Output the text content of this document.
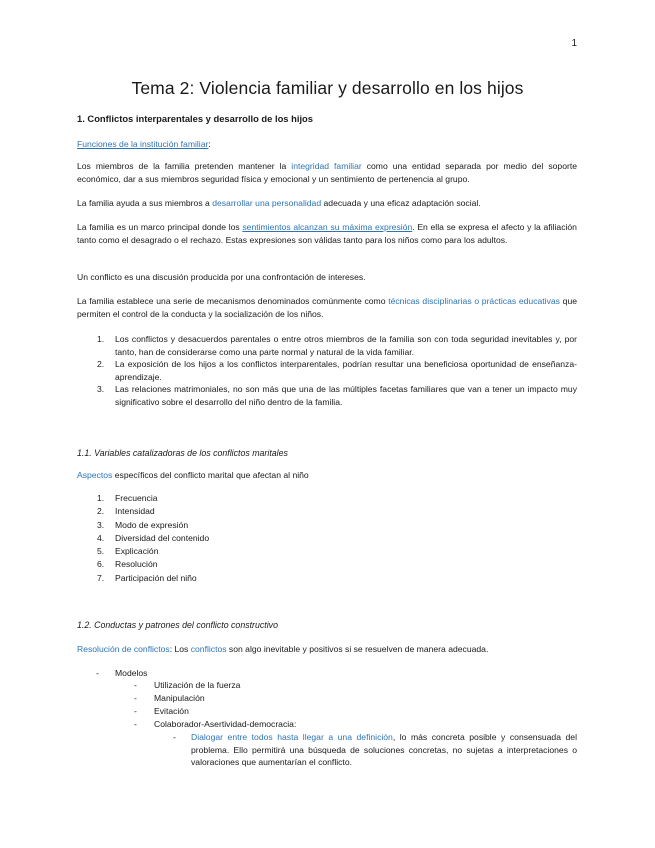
1
Tema 2: Violencia familiar y desarrollo en los hijos
1. Conflictos interparentales y desarrollo de los hijos
Funciones de la institución familiar:
Los miembros de la familia pretenden mantener la integridad familiar como una entidad separada por medio del soporte económico, dar a sus miembros seguridad física y emocional y un sentimiento de pertenencia al grupo.
La familia ayuda a sus miembros a desarrollar una personalidad adecuada y una eficaz adaptación social.
La familia es un marco principal donde los sentimientos alcanzan su máxima expresión. En ella se expresa el afecto y la afiliación tanto como el desagrado o el rechazo. Estas expresiones son válidas tanto para los niños como para los adultos.
Un conflicto es una discusión producida por una confrontación de intereses.
La familia establece una serie de mecanismos denominados comúnmente como técnicas disciplinarias o prácticas educativas que permiten el control de la conducta y la socialización de los niños.
1. Los conflictos y desacuerdos parentales o entre otros miembros de la familia son con toda seguridad inevitables y, por tanto, han de considerarse como una parte normal y natural de la vida familiar.
2. La exposición de los hijos a los conflictos interparentales, podrían resultar una beneficiosa oportunidad de enseñanza-aprendizaje.
3. Las relaciones matrimoniales, no son más que una de las múltiples facetas familiares que van a tener un impacto muy significativo sobre el desarrollo del niño dentro de la familia.
1.1. Variables catalizadoras de los conflictos maritales
Aspectos específicos del conflicto marital que afectan al niño
1. Frecuencia
2. Intensidad
3. Modo de expresión
4. Diversidad del contenido
5. Explicación
6. Resolución
7. Participación del niño
1.2. Conductas y patrones del conflicto constructivo
Resolución de conflictos: Los conflictos son algo inevitable y positivos si se resuelven de manera adecuada.
- Modelos
- Utilización de la fuerza
- Manipulación
- Evitación
- Colaborador-Asertividad-democracia:
- Dialogar entre todos hasta llegar a una definición, lo más concreta posible y consensuada del problema. Ello permitirá una búsqueda de soluciones concretas, no sujetas a interpretaciones o valoraciones que aumentarían el conflicto.
